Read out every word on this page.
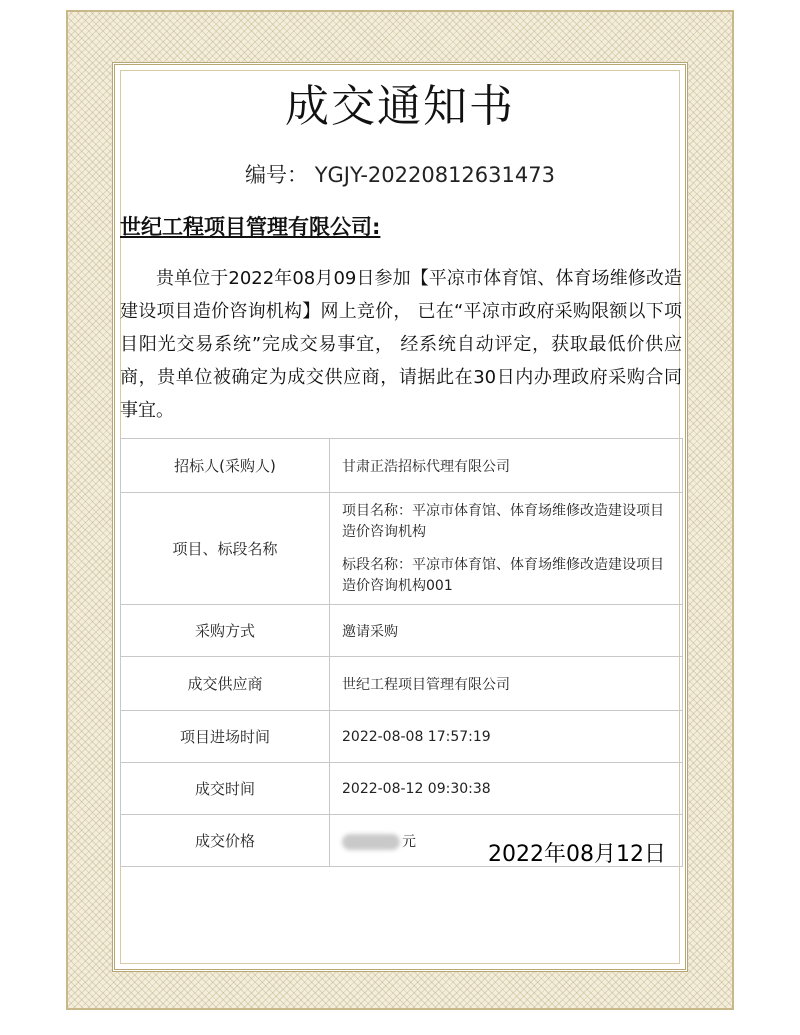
成交通知书
编号： YGJY-20220812631473
世纪工程项目管理有限公司:
贵单位于2022年08月09日参加【平凉市体育馆、体育场维修改造建设项目造价咨询机构】网上竞价， 已在“平凉市政府采购限额以下项目阳光交易系统”完成交易事宜， 经系统自动评定，获取最低价供应商，贵单位被确定为成交供应商，请据此在30日内办理政府采购合同事宜。
招标人(采购人)	甘肃正浩招标代理有限公司
项目、标段名称	项目名称：平凉市体育馆、体育场维修改造建设项目造价咨询机构
标段名称：平凉市体育馆、体育场维修改造建设项目造价咨询机构001

采购方式	邀请采购
成交供应商	世纪工程项目管理有限公司
项目进场时间	2022-08-08 17:57:19
成交时间	2022-08-12 09:30:38
成交价格	元
2022年08月12日
